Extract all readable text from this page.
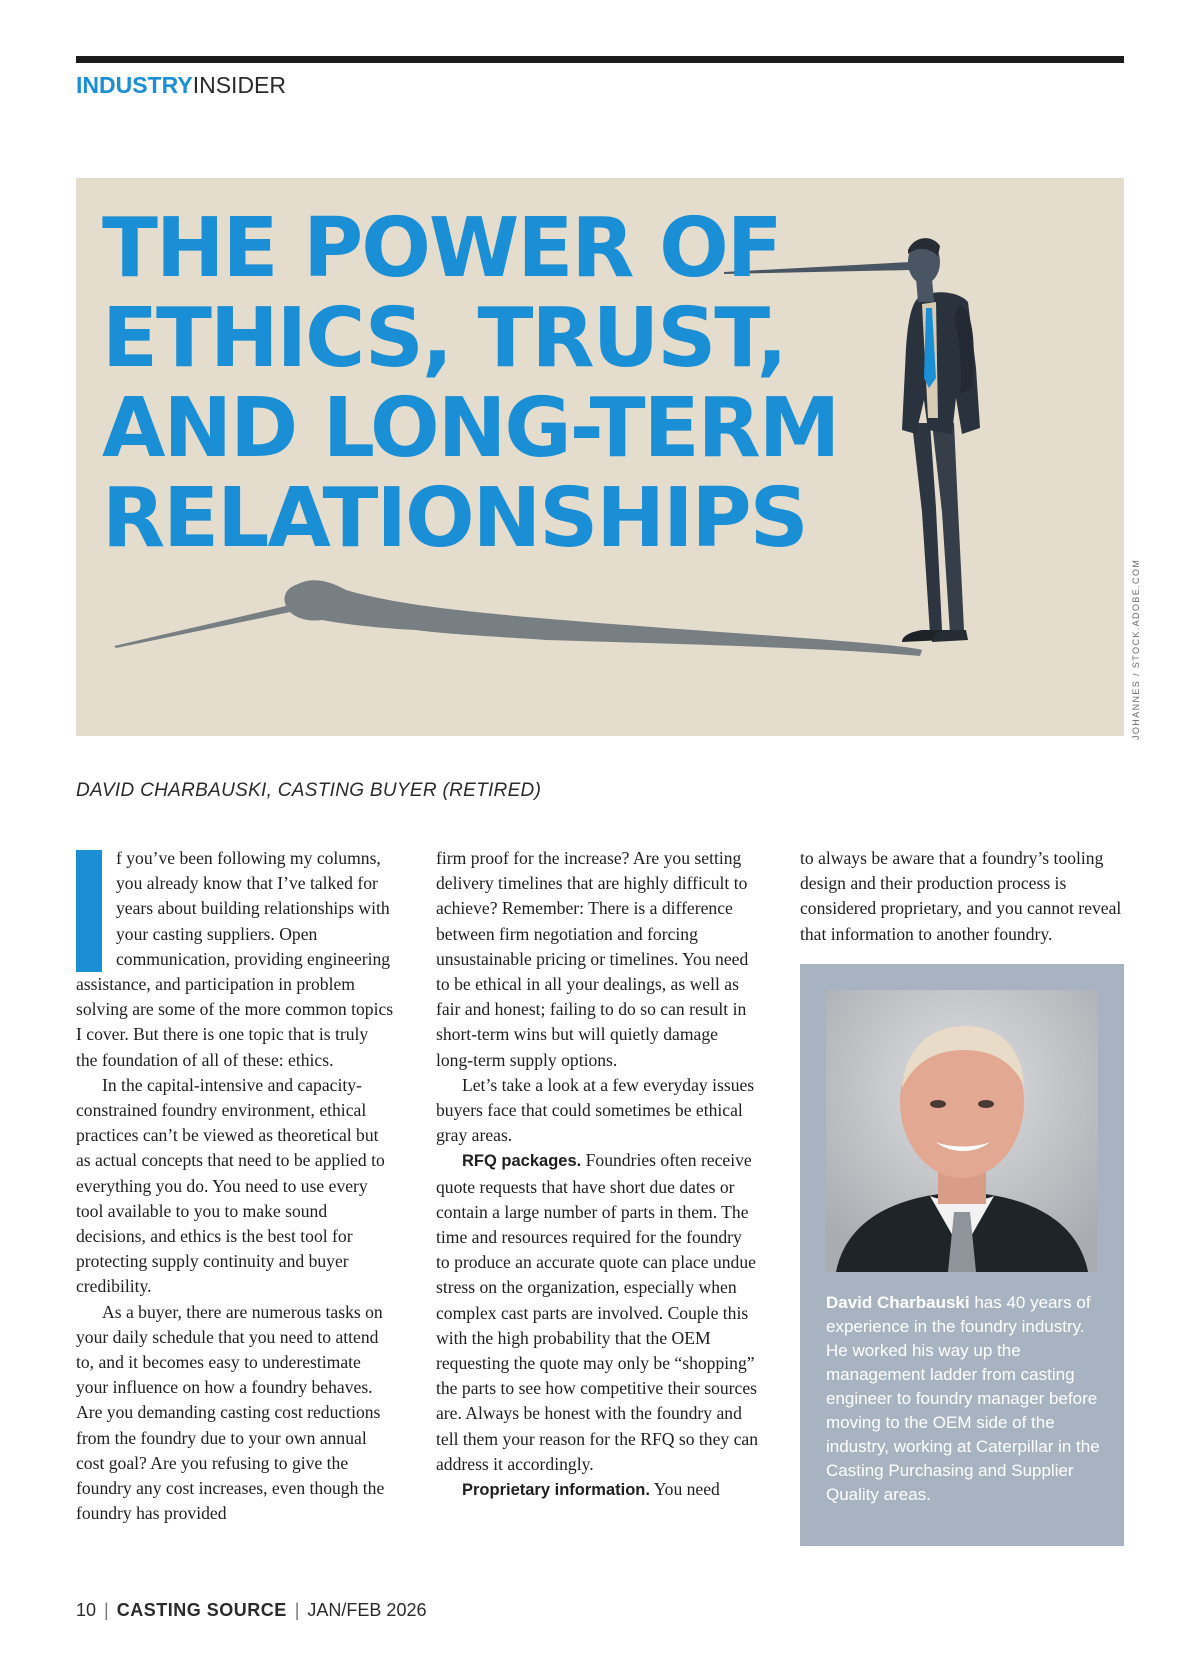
INDUSTRYINSIDER
THE POWER OF
ETHICS, TRUST,
AND LONG-TERM
RELATIONSHIPS
JOHANNES / STOCK.ADOBE.COM
DAVID CHARBAUSKI, CASTING BUYER (RETIRED)

f you’ve been following my columns, you already know that I’ve talked for years about building relationships with your casting suppliers. Open communication, providing engineering assistance, and participation in problem solving are some of the more common topics I cover. But there is one topic that is truly the foundation of all of these: ethics.

In the capital-intensive and capacity-constrained foundry environment, ethical practices can’t be viewed as theoretical but as actual concepts that need to be applied to everything you do. You need to use every tool available to you to make sound decisions, and ethics is the best tool for protecting supply continuity and buyer credibility.

As a buyer, there are numerous tasks on your daily schedule that you need to attend to, and it becomes easy to underestimate your influence on how a foundry behaves. Are you demanding casting cost reductions from the foundry due to your own annual cost goal? Are you refusing to give the foundry any cost increases, even though the foundry has provided

firm proof for the increase? Are you setting delivery timelines that are highly difficult to achieve? Remember: There is a difference between firm negotiation and forcing unsustainable pricing or timelines. You need to be ethical in all your dealings, as well as fair and honest; failing to do so can result in short-term wins but will quietly damage long-term supply options.

Let’s take a look at a few everyday issues buyers face that could sometimes be ethical gray areas.

RFQ packages. Foundries often receive quote requests that have short due dates or contain a large number of parts in them. The time and resources required for the foundry to produce an accurate quote can place undue stress on the organization, especially when complex cast parts are involved. Couple this with the high probability that the OEM requesting the quote may only be “shopping” the parts to see how competitive their sources are. Always be honest with the foundry and tell them your reason for the RFQ so they can address it accordingly.

Proprietary information. You need

to always be aware that a foundry’s tooling design and their production process is considered proprietary, and you cannot reveal that information to another foundry.

David Charbauski has 40 years of experience in the foundry industry. He worked his way up the management ladder from casting engineer to foundry manager before moving to the OEM side of the industry, working at Caterpillar in the Casting Purchasing and Supplier Quality areas.

10 | CASTING SOURCE | JAN/FEB 2026
